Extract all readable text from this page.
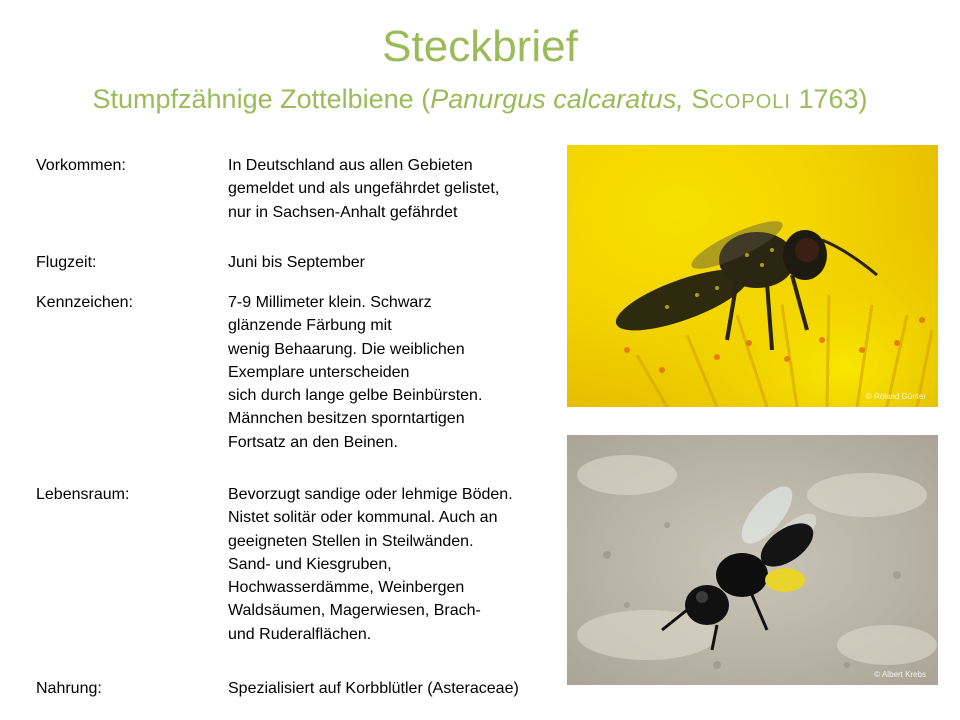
Steckbrief
Stumpfzähnige Zottelbiene (Panurgus calcaratus, SCOPOLI 1763)
Vorkommen:	In Deutschland aus allen Gebieten
gemeldet und als ungefährdet gelistet,
nur in Sachsen-Anhalt gefährdet
Flugzeit:	Juni bis September
Kennzeichen:	7-9 Millimeter klein. Schwarz
glänzende Färbung mit
wenig Behaarung. Die weiblichen
Exemplare unterscheiden
sich durch lange gelbe Beinbürsten.
Männchen besitzen sporntartigen
Fortsatz an den Beinen.
Lebensraum:	Bevorzugt sandige oder lehmige Böden.
Nistet solitär oder kommunal. Auch an
geeigneten Stellen in Steilwänden.
Sand- und Kiesgruben,
Hochwasserdämme, Weinbergen
Waldsäumen, Magerwiesen, Brach-
und Ruderalflächen.
Nahrung:	Spezialisiert auf Korbblütler (Asteraceae)
© Roland Günter
© Albert Krebs
